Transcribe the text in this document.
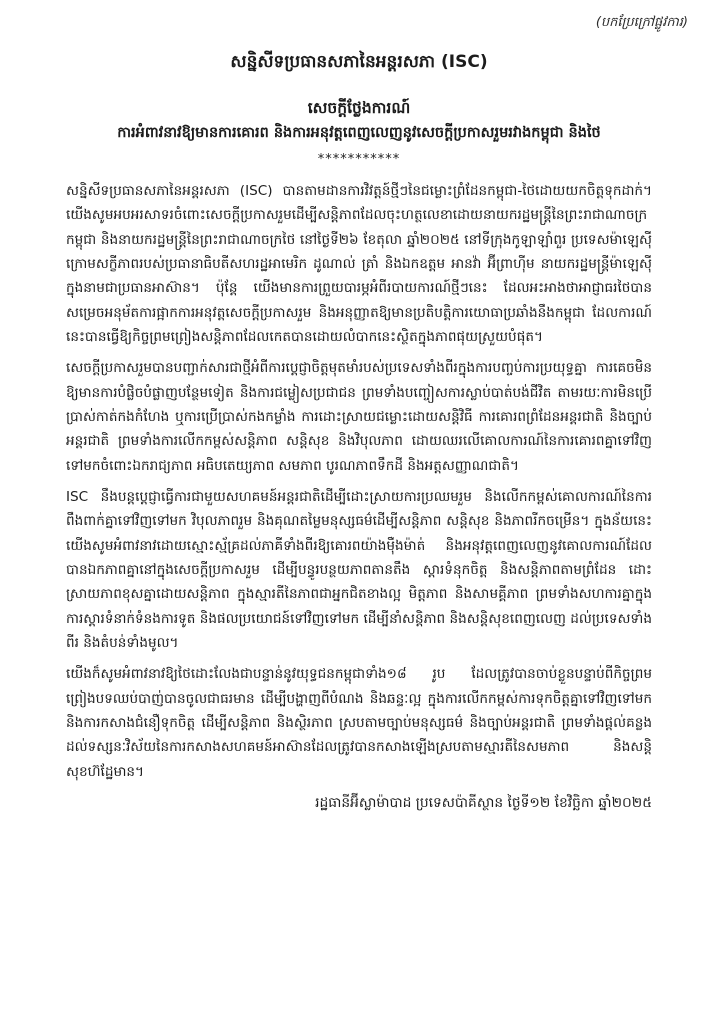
(បកប្រែក្រៅផ្លូវការ)
សន្និសីទប្រធានសភានៃអន្តរសភា (ISC)
សេចក្តីថ្លែងការណ៍
ការអំពាវនាវឱ្យមានការគោរព និងការអនុវត្តពេញលេញនូវសេចក្តីប្រកាសរួមរវាងកម្ពុជា និងថៃ
***********

សន្និសីទប្រធានសភានៃអន្តរសភា (ISC) បានតាមដានការវិវត្តន៍ថ្មីៗនៃជម្លោះព្រំដែនកម្ពុជា-ថៃដោយយកចិត្តទុកដាក់។ យើងសូមអបអរសាទរចំពោះសេចក្តីប្រកាសរួមដើម្បីសន្តិភាពដែលចុះហត្ថលេខាដោយនាយករដ្ឋមន្ត្រីនៃព្រះរាជាណាចក្រកម្ពុជា និងនាយករដ្ឋមន្ត្រីនៃព្រះរាជាណាចក្រថៃ នៅថ្ងៃទី២៦ ខែតុលា ឆ្នាំ២០២៥ នៅទីក្រុងកូឡាឡាំពួរ ប្រទេសម៉ាឡេស៊ី ក្រោមសក្ខីភាពរបស់ប្រធានាធិបតីសហរដ្ឋអាមេរិក ដូណាល់ ត្រាំ និងឯកឧត្តម អានវ៉ា អ៊ីព្រាហ៊ីម នាយករដ្ឋមន្ត្រីម៉ាឡេស៊ីក្នុងនាមជាប្រធានអាស៊ាន។ ប៉ុន្តែ យើងមានការព្រួយបារម្ភអំពីរបាយការណ៍ថ្មីៗនេះ ដែលអះអាងថាអាជ្ញាធរថៃបានសម្រេចអនុម័តការផ្អាកការអនុវត្តសេចក្តីប្រកាសរួម និងអនុញ្ញាតឱ្យមានប្រតិបត្តិការយោធាប្រឆាំងនឹងកម្ពុជា ដែលការណ៍នេះបានធ្វើឱ្យកិច្ចព្រមព្រៀងសន្តិភាពដែលកេតបានដោយលំបាកនេះស្ថិតក្នុងភាពផុយស្រួយបំផុត។

សេចក្តីប្រកាសរួមបានបញ្ជាក់សារជាថ្មីអំពីការប្តេជ្ញាចិត្តមុតមាំរបស់ប្រទេសទាំងពីរក្នុងការបញ្ចប់ការប្រយុទ្ធគ្នា ការគេចមិនឱ្យមានការបំផ្លិចបំផ្លាញបន្ថែមទៀត និងការជម្លៀសប្រជាជន ព្រមទាំងបញ្ចៀសការស្លាប់បាត់បង់ជីវិត តាមរយៈការមិនប្រើប្រាស់កាត់កងកំហែង ឬការប្រើប្រាស់កងកម្លាំង ការដោះស្រាយជម្លោះដោយសន្តិវិធី ការគោរពព្រំដែនអន្តរជាតិ និងច្បាប់អន្តរជាតិ ព្រមទាំងការលើកកម្ពស់សន្តិភាព សន្តិសុខ និងវិបុលភាព ដោយឈរលើគោលការណ៍នៃការគោរពគ្នាទៅវិញទៅមកចំពោះឯករាជ្យភាព អធិបតេយ្យភាព សមភាព បូរណភាពទឹកដី និងអត្តសញ្ញាណជាតិ។

ISC នឹងបន្តប្តេជ្ញាធ្វើការជាមួយសហគមន៍អន្តរជាតិដើម្បីដោះស្រាយការប្រឈមរួម និងលើកកម្ពស់គោលការណ៍នៃការពឹងពាក់គ្នាទៅវិញទៅមក វិបុលភាពរួម និងគុណតម្លៃមនុស្សធម៌ដើម្បីសន្តិភាព សន្តិសុខ និងភាពរីកចម្រើន។ ក្នុងន័យនេះ យើងសូមអំពាវនាវដោយស្មោះស្ម័គ្រដល់ភាគីទាំងពីរឱ្យគោរពយ៉ាងម៉ឺងម៉ាត់ និងអនុវត្តពេញលេញនូវគោលការណ៍ដែលបានឯកភាពគ្នានៅក្នុងសេចក្តីប្រកាសរួម ដើម្បីបន្ធូរបន្ថយភាពតានតឹង ស្តារទំនុកចិត្ត និងសន្តិភាពតាមព្រំដែន ដោះស្រាយភាពខុសគ្នាដោយសន្តិភាព ក្នុងស្មារតីនៃភាពជាអ្នកជិតខាងល្អ មិត្តភាព និងសាមគ្គីភាព ព្រមទាំងសហការគ្នាក្នុងការស្តារទំនាក់ទំនងការទូត និងផលប្រយោជន៍ទៅវិញទៅមក ដើម្បីនាំសន្តិភាព និងសន្តិសុខពេញលេញ ដល់ប្រទេសទាំងពីរ និងតំបន់ទាំងមូល។

យើងក៏សូមអំពាវនាវឱ្យថៃដោះលែងជាបន្ទាន់នូវយុទ្ធជនកម្ពុជាទាំង១៨ រូប ដែលត្រូវបានចាប់ខ្លួនបន្ទាប់ពីកិច្ចព្រមព្រៀងបទឈប់បាញ់បានចូលជាធរមាន ដើម្បីបង្ហាញពីបំណង និងឆន្ទៈល្អ ក្នុងការលើកកម្ពស់ការទុកចិត្តគ្នាទៅវិញទៅមក និងការកសាងជំនឿទុកចិត្ត ដើម្បីសន្តិភាព និងស្ថិរភាព ស្របតាមច្បាប់មនុស្សធម៌ និងច្បាប់អន្តរជាតិ ព្រមទាំងផ្តល់គន្លងដល់ទស្សនៈវិស័យនៃការកសាងសហគមន៍អាស៊ានដែលត្រូវបានកសាងឡើងស្របតាមស្មារតីនៃសមភាព និងសន្តិសុខហ៊ដ្ឋែមាន។

រដ្ឋធានីអ៊ីស្លាម៉ាបាដ ប្រទេសប៉ាគីស្ថាន ថ្ងៃទី១២ ខែវិច្ឆិកា ឆ្នាំ២០២៥
